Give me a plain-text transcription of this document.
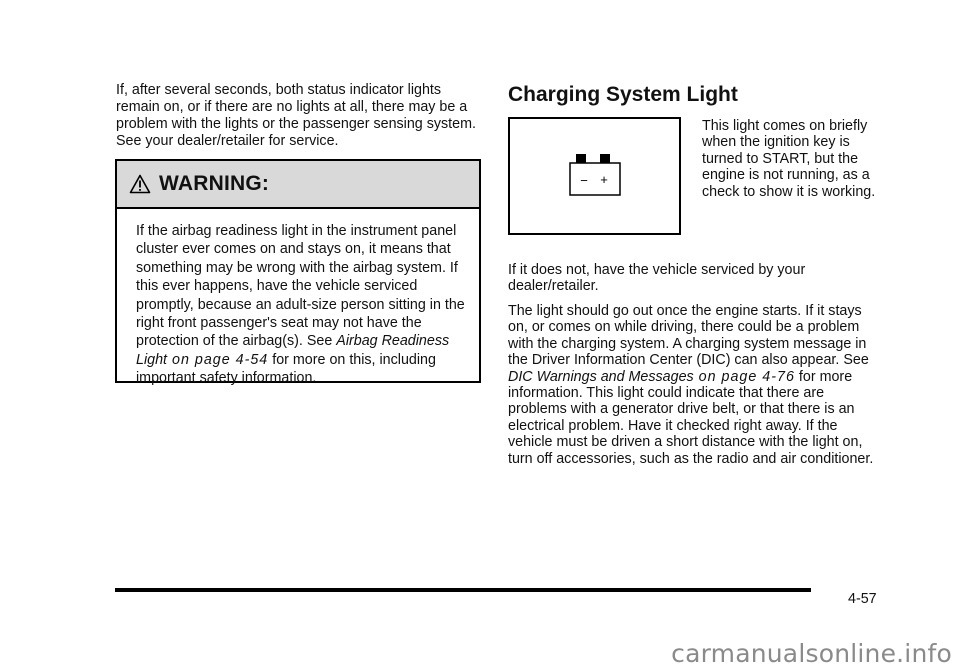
If, after several seconds, both status indicator lights remain on, or if there are no lights at all, there may be a problem with the lights or the passenger sensing system. See your dealer/retailer for service.

WARNING:

If the airbag readiness light in the instrument panel cluster ever comes on and stays on, it means that something may be wrong with the airbag system. If this ever happens, have the vehicle serviced promptly, because an adult-size person sitting in the right front passenger's seat may not have the protection of the airbag(s). See Airbag Readiness Light on page 4‑54 for more on this, including important safety information.

Charging System Light
− +

This light comes on briefly when the ignition key is turned to START, but the engine is not running, as a check to show it is working.

If it does not, have the vehicle serviced by your dealer/retailer.

The light should go out once the engine starts. If it stays on, or comes on while driving, there could be a problem with the charging system. A charging system message in the Driver Information Center (DIC) can also appear. See DIC Warnings and Messages on page 4‑76 for more information. This light could indicate that there are problems with a generator drive belt, or that there is an electrical problem. Have it checked right away. If the vehicle must be driven a short distance with the light on, turn off accessories, such as the radio and air conditioner.

4-57
carmanualsonline.info
